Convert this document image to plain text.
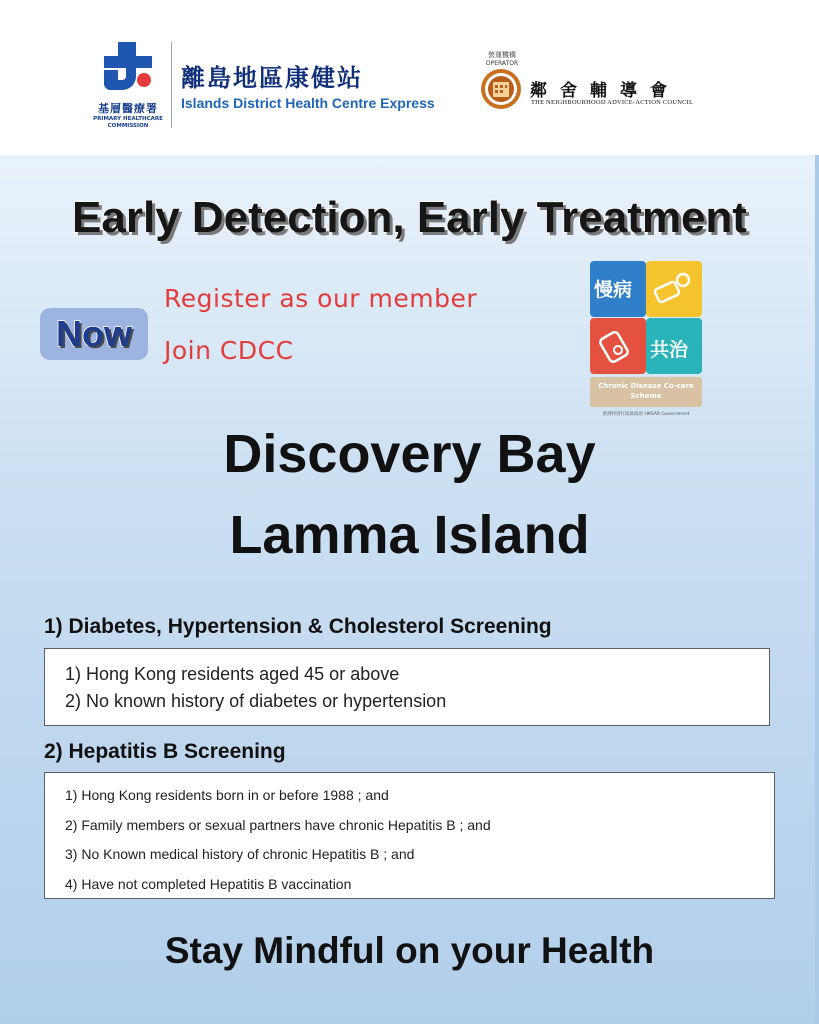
基層醫療署
PRIMARY HEALTHCARE COMMISSION
離島地區康健站
Islands District Health Centre Express
營運機構
OPERATOR
鄰舍輔導會
THE NEIGHBOURHOOD ADVICE-ACTION COUNCIL
Early Detection, Early Treatment
Now
Register as our member
Join CDCC
慢病
共治
Chronic Disease Co-care
Scheme
香港特別行政區政府 HKSAR Government
Discovery Bay
Lamma Island
1) Diabetes, Hypertension & Cholesterol Screening
1) Hong Kong residents aged 45 or above
2) No known history of diabetes or hypertension
2) Hepatitis B Screening
1) Hong Kong residents born in or before 1988 ; and
2) Family members or sexual partners have chronic Hepatitis B ; and
3) No Known medical history of chronic Hepatitis B ; and
4) Have not completed Hepatitis B vaccination
Stay Mindful on your Health
